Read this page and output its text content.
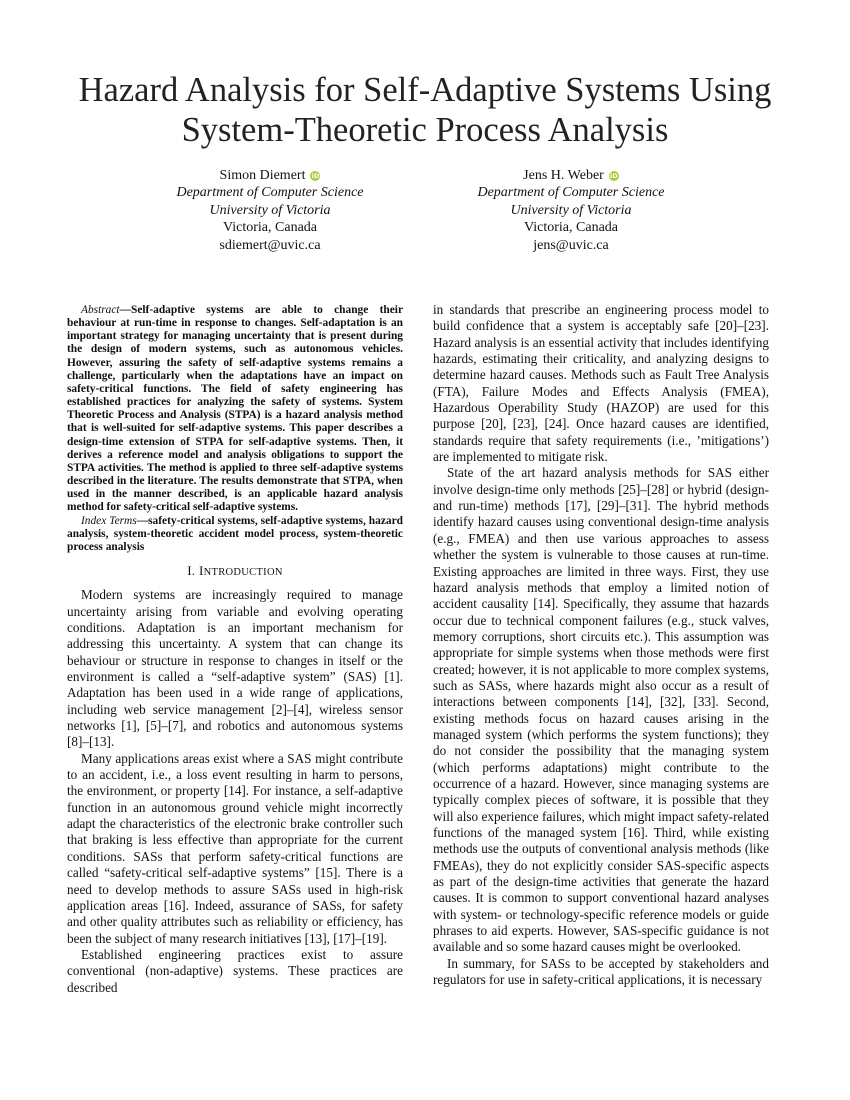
Hazard Analysis for Self-Adaptive Systems Using
System-Theoretic Process Analysis
Simon Diemert iD
Department of Computer Science
University of Victoria
Victoria, Canada
sdiemert@uvic.ca
Jens H. Weber iD
Department of Computer Science
University of Victoria
Victoria, Canada
jens@uvic.ca

Abstract—Self-adaptive systems are able to change their behaviour at run-time in response to changes. Self-adaptation is an important strategy for managing uncertainty that is present during the design of modern systems, such as autonomous vehicles. However, assuring the safety of self-adaptive systems remains a challenge, particularly when the adaptations have an impact on safety-critical functions. The field of safety engineering has established practices for analyzing the safety of systems. System Theoretic Process and Analysis (STPA) is a hazard analysis method that is well-suited for self-adaptive systems. This paper describes a design-time extension of STPA for self-adaptive systems. Then, it derives a reference model and analysis obligations to support the STPA activities. The method is applied to three self-adaptive systems described in the literature. The results demonstrate that STPA, when used in the manner described, is an applicable hazard analysis method for safety-critical self-adaptive systems.

Index Terms—safety-critical systems, self-adaptive systems, hazard analysis, system-theoretic accident model process, system-theoretic process analysis

I. INTRODUCTION

Modern systems are increasingly required to manage uncertainty arising from variable and evolving operating conditions. Adaptation is an important mechanism for addressing this uncertainty. A system that can change its behaviour or structure in response to changes in itself or the environment is called a “self-adaptive system” (SAS) [1]. Adaptation has been used in a wide range of applications, including web service management [2]–[4], wireless sensor networks [1], [5]–[7], and robotics and autonomous systems [8]–[13].

Many applications areas exist where a SAS might contribute to an accident, i.e., a loss event resulting in harm to persons, the environment, or property [14]. For instance, a self-adaptive function in an autonomous ground vehicle might incorrectly adapt the characteristics of the electronic brake controller such that braking is less effective than appropriate for the current conditions. SASs that perform safety-critical functions are called “safety-critical self-adaptive systems” [15]. There is a need to develop methods to assure SASs used in high-risk application areas [16]. Indeed, assurance of SASs, for safety and other quality attributes such as reliability or efficiency, has been the subject of many research initiatives [13], [17]–[19].

Established engineering practices exist to assure conventional (non-adaptive) systems. These practices are described

in standards that prescribe an engineering process model to build confidence that a system is acceptably safe [20]–[23]. Hazard analysis is an essential activity that includes identifying hazards, estimating their criticality, and analyzing designs to determine hazard causes. Methods such as Fault Tree Analysis (FTA), Failure Modes and Effects Analysis (FMEA), Hazardous Operability Study (HAZOP) are used for this purpose [20], [23], [24]. Once hazard causes are identified, standards require that safety requirements (i.e., ’mitigations’) are implemented to mitigate risk.

State of the art hazard analysis methods for SAS either involve design-time only methods [25]–[28] or hybrid (design- and run-time) methods [17], [29]–[31]. The hybrid methods identify hazard causes using conventional design-time analysis (e.g., FMEA) and then use various approaches to assess whether the system is vulnerable to those causes at run-time. Existing approaches are limited in three ways. First, they use hazard analysis methods that employ a limited notion of accident causality [14]. Specifically, they assume that hazards occur due to technical component failures (e.g., stuck valves, memory corruptions, short circuits etc.). This assumption was appropriate for simple systems when those methods were first created; however, it is not applicable to more complex systems, such as SASs, where hazards might also occur as a result of interactions between components [14], [32], [33]. Second, existing methods focus on hazard causes arising in the managed system (which performs the system functions); they do not consider the possibility that the managing system (which performs adaptations) might contribute to the occurrence of a hazard. However, since managing systems are typically complex pieces of software, it is possible that they will also experience failures, which might impact safety-related functions of the managed system [16]. Third, while existing methods use the outputs of conventional analysis methods (like FMEAs), they do not explicitly consider SAS-specific aspects as part of the design-time activities that generate the hazard causes. It is common to support conventional hazard analyses with system- or technology-specific reference models or guide phrases to aid experts. However, SAS-specific guidance is not available and so some hazard causes might be overlooked.

In summary, for SASs to be accepted by stakeholders and regulators for use in safety-critical applications, it is necessary
